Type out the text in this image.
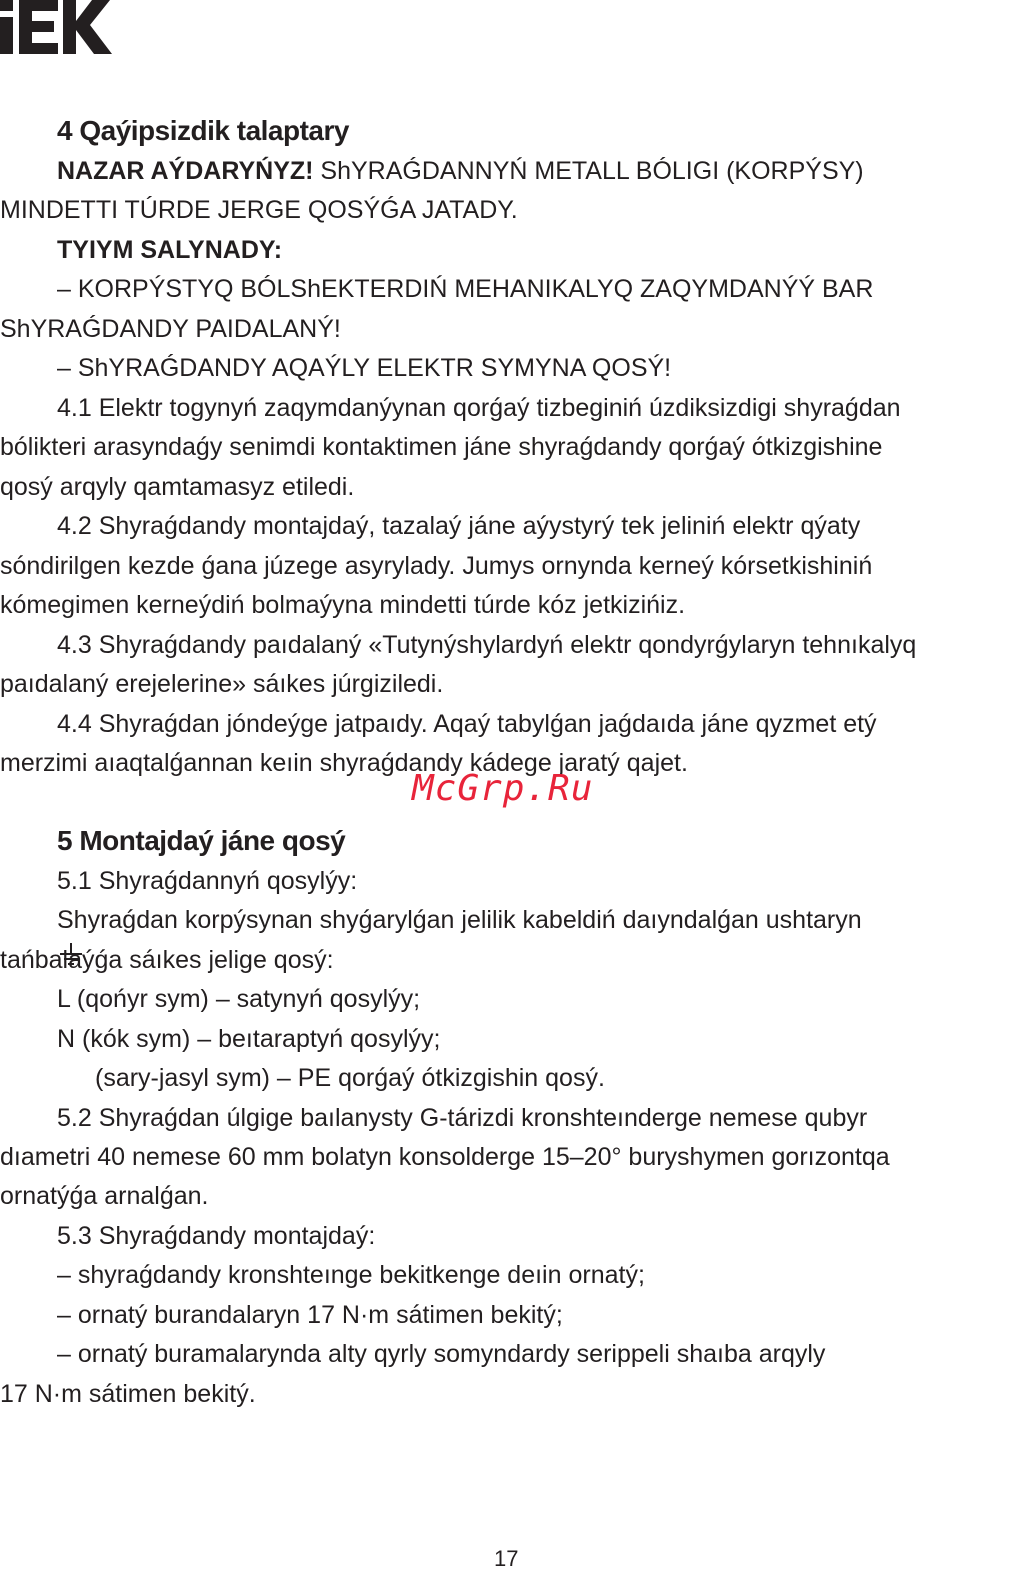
4 Qaýipsizdik talaptary

NAZAR AÝDARYŃYZ! ShYRAǴDANNYŃ METALL BÓLIGI (KORPÝSY)

MINDETTI TÚRDE JERGE QOSÝǴA JATADY.

TYIYM SALYNADY:

– KORPÝSTYQ BÓLShEKTERDIŃ MEHANIKALYQ ZAQYMDANÝÝ BAR

ShYRAǴDANDY PAIDALANÝ!

– ShYRAǴDANDY AQAÝLY ELEKTR SYMYNA QOSÝ!

4.1 Elektr togynyń zaqymdanýynan qorǵaý tizbeginiń úzdiksizdigi shyraǵdan

bólikteri arasyndaǵy senimdi kontaktimen jáne shyraǵdandy qorǵaý ótkizgishine

qosý arqyly qamtamasyz etiledi.

4.2 Shyraǵdandy montajdaý, tazalaý jáne aýystyrý tek jeliniń elektr qýaty

sóndirilgen kezde ǵana júzege asyrylady. Jumys ornynda kerneý kórsetkishiniń

kómegimen kerneýdiń bolmaýyna mindetti túrde kóz jetkizińiz.

4.3 Shyraǵdandy paıdalaný «Tutynýshylardyń elektr qondyrǵylaryn tehnıkalyq

paıdalaný erejelerine» sáıkes júrgiziledi.

4.4 Shyraǵdan jóndeýge jatpaıdy. Aqaý tabylǵan jaǵdaıda jáne qyzmet etý

merzimi aıaqtalǵannan keıin shyraǵdandy kádege jaratý qajet.

McGrp.Ru

5 Montajdaý jáne qosý

5.1 Shyraǵdannyń qosylýy:

Shyraǵdan korpýsynan shyǵarylǵan jelilik kabeldiń daıyndalǵan ushtaryn

tańbalaýǵa sáıkes jelige qosý:

L (qońyr sym) – satynyń qosylýy;

N (kók sym) – beıtaraptyń qosylýy;

(sary-jasyl sym) – PE qorǵaý ótkizgishin qosý.

5.2 Shyraǵdan úlgige baılanysty G-tárizdi kronshteınderge nemese qubyr

dıametri 40 nemese 60 mm bolatyn konsolderge 15–20° buryshymen gorızontqa

ornatýǵa arnalǵan.

5.3 Shyraǵdandy montajdaý:

– shyraǵdandy kronshteınge bekitkenge deıin ornatý;

– ornatý burandalaryn 17 N·m sátimen bekitý;

– ornatý buramalarynda alty qyrly somyndardy serippeli shaıba arqyly

17 N·m sátimen bekitý.

17
